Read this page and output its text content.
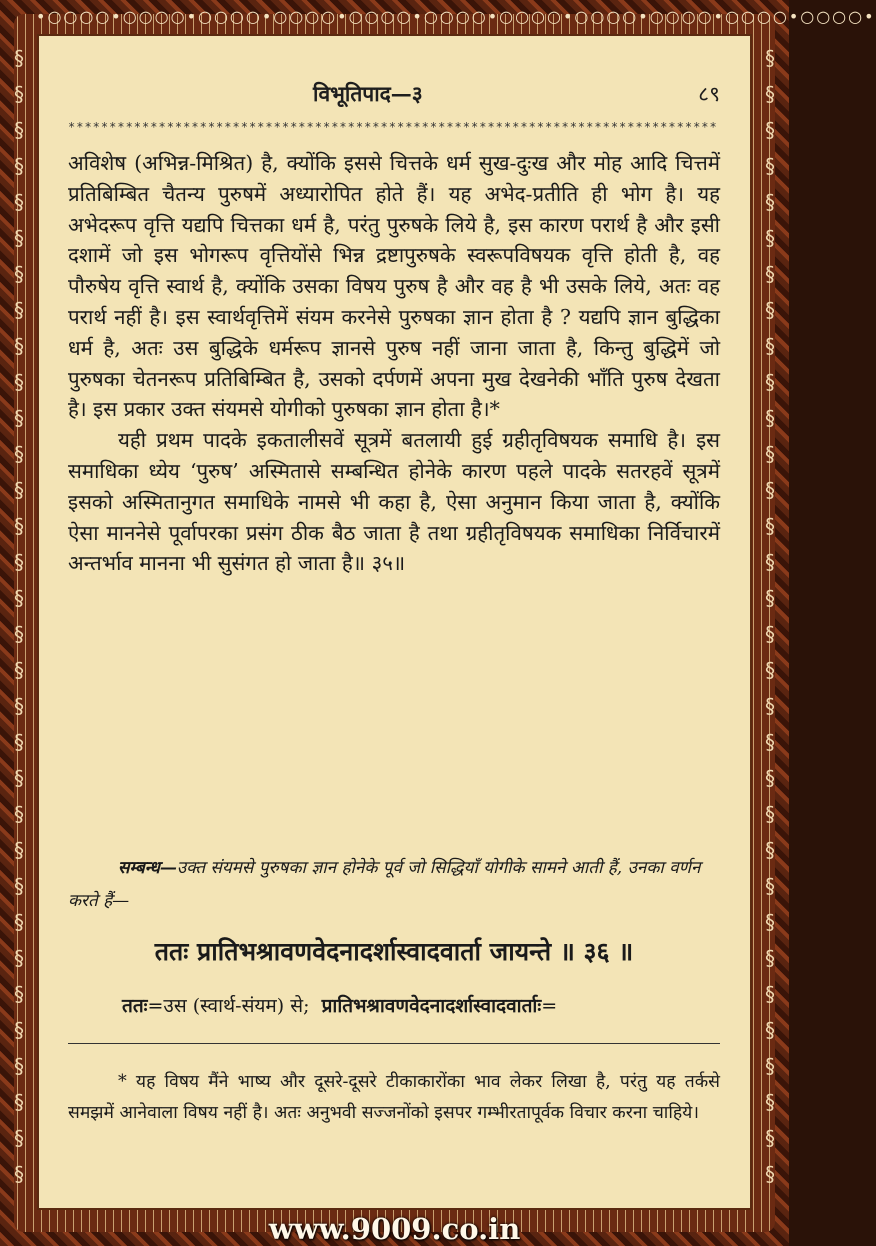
•○○○○•○○○○•○○○○•○○○○•○○○○•○○○○•○○○○•○○○○•○○○○•○○○○•○○○○•
§
§
§
§
§
§
§
§
§
§
§
§
§
§
§
§
§
§
§
§
§
§
§
§
§
§
§
§
§
§
§
§
§
§
§
§
§
§
§
§
§
§
§
§
§
§
§
§
§
§
§
§
§
§
§
§
§
§
§
§
§
§
§
§
विभूतिपाद—३	८९
*******************************************************************************

अविशेष (अभिन्न-मिश्रित) है, क्योंकि इससे चित्तके धर्म सुख-दुःख और मोह आदि चित्तमें प्रतिबिम्बित चैतन्य पुरुषमें अध्यारोपित होते हैं। यह अभेद-प्रतीति ही भोग है। यह अभेदरूप वृत्ति यद्यपि चित्तका धर्म है, परंतु पुरुषके लिये है, इस कारण परार्थ है और इसी दशामें जो इस भोगरूप वृत्तियोंसे भिन्न द्रष्टापुरुषके स्वरूपविषयक वृत्ति होती है, वह पौरुषेय वृत्ति स्वार्थ है, क्योंकि उसका विषय पुरुष है और वह है भी उसके लिये, अतः वह परार्थ नहीं है। इस स्वार्थवृत्तिमें संयम करनेसे पुरुषका ज्ञान होता है ? यद्यपि ज्ञान बुद्धिका धर्म है, अतः उस बुद्धिके धर्मरूप ज्ञानसे पुरुष नहीं जाना जाता है, किन्तु बुद्धिमें जो पुरुषका चेतनरूप प्रतिबिम्बित है, उसको दर्पणमें अपना मुख देखनेकी भाँति पुरुष देखता है। इस प्रकार उक्त संयमसे योगीको पुरुषका ज्ञान होता है।*

यही प्रथम पादके इकतालीसवें सूत्रमें बतलायी हुई ग्रहीतृविषयक समाधि है। इस समाधिका ध्येय ‘पुरुष’ अस्मितासे सम्बन्धित होनेके कारण पहले पादके सतरहवें सूत्रमें इसको अस्मितानुगत समाधिके नामसे भी कहा है, ऐसा अनुमान किया जाता है, क्योंकि ऐसा माननेसे पूर्वापरका प्रसंग ठीक बैठ जाता है तथा ग्रहीतृविषयक समाधिका निर्विचारमें अन्तर्भाव मानना भी सुसंगत हो जाता है॥ ३५॥

सम्बन्ध—उक्त संयमसे पुरुषका ज्ञान होनेके पूर्व जो सिद्धियाँ योगीके सामने आती हैं, उनका वर्णन करते हैं—
ततः प्रातिभश्रावणवेदनादर्शास्वादवार्ता जायन्ते ॥ ३६ ॥
ततः=उस (स्वार्थ-संयम) से; प्रातिभश्रावणवेदनादर्शास्वादवार्ताः=

* यह विषय मैंने भाष्य और दूसरे-दूसरे टीकाकारोंका भाव लेकर लिखा है, परंतु यह तर्कसे समझमें आनेवाला विषय नहीं है। अतः अनुभवी सज्जनोंको इसपर गम्भीरतापूर्वक विचार करना चाहिये।

www.9009.co.in
